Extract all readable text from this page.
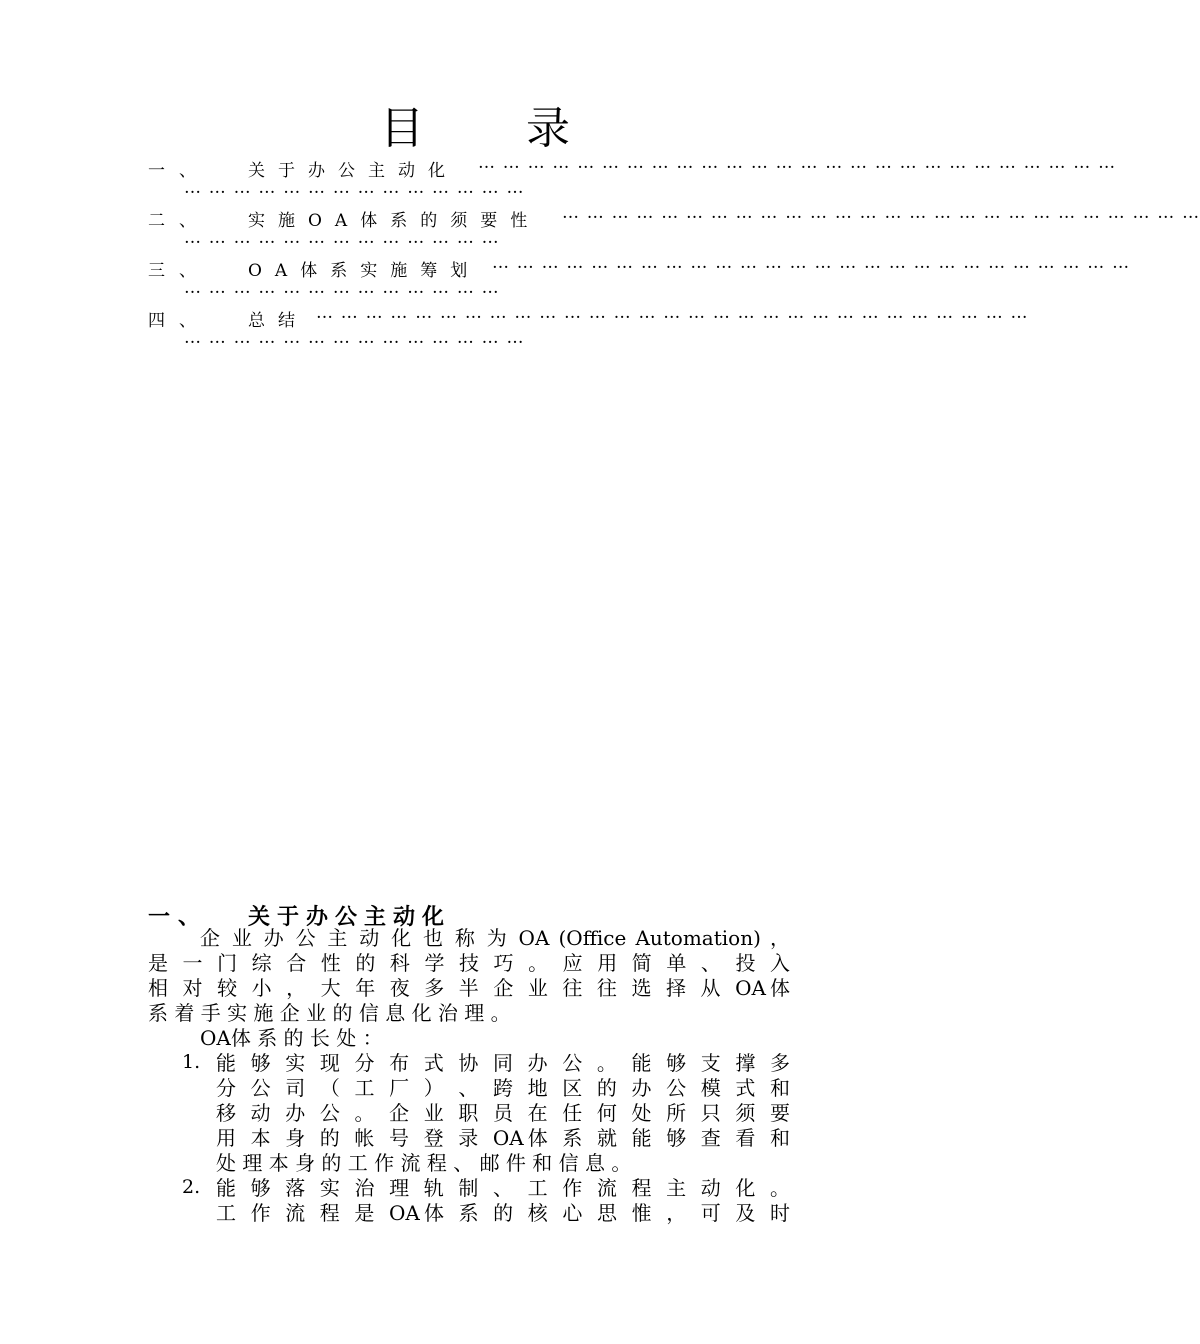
目 录
一、 关于办公主动化 … … … … … … … … … … … … … … … … … … … … … … … … … …
… … … … … … … … … … … … … …
二、 实施OA体系的须要性 … … … … … … … … … … … … … … … … … … … … … … … … … …
… … … … … … … … … … … … …
三、 OA体系实施筹划 … … … … … … … … … … … … … … … … … … … … … … … … … …
… … … … … … … … … … … … …
四、 总结 … … … … … … … … … … … … … … … … … … … … … … … … … … … … …
… … … … … … … … … … … … … …
一、 关于办公主动化
企 业 办 公 主 动 化 也 称 为 OA (Office Automation) ，
是 一 门 综 合 性 的 科 学 技 巧 。 应 用 简 单 、 投 入
相 对 较 小 ， 大 年 夜 多 半 企 业 往 往 选 择 从 OA体
系 着 手 实 施 企 业 的 信 息 化 治 理 。
OA体 系 的 长 处 ：
1. 能 够 实 现 分 布 式 协 同 办 公 。 能 够 支 撑 多
分 公 司 （ 工 厂 ） 、 跨 地 区 的 办 公 模 式 和
移 动 办 公 。 企 业 职 员 在 任 何 处 所 只 须 要
用 本 身 的 帐 号 登 录 OA体 系 就 能 够 查 看 和
处 理 本 身 的 工 作 流 程 、 邮 件 和 信 息 。
2. 能 够 落 实 治 理 轨 制 、 工 作 流 程 主 动 化 。
工 作 流 程 是 OA体 系 的 核 心 思 惟 ， 可 及 时
